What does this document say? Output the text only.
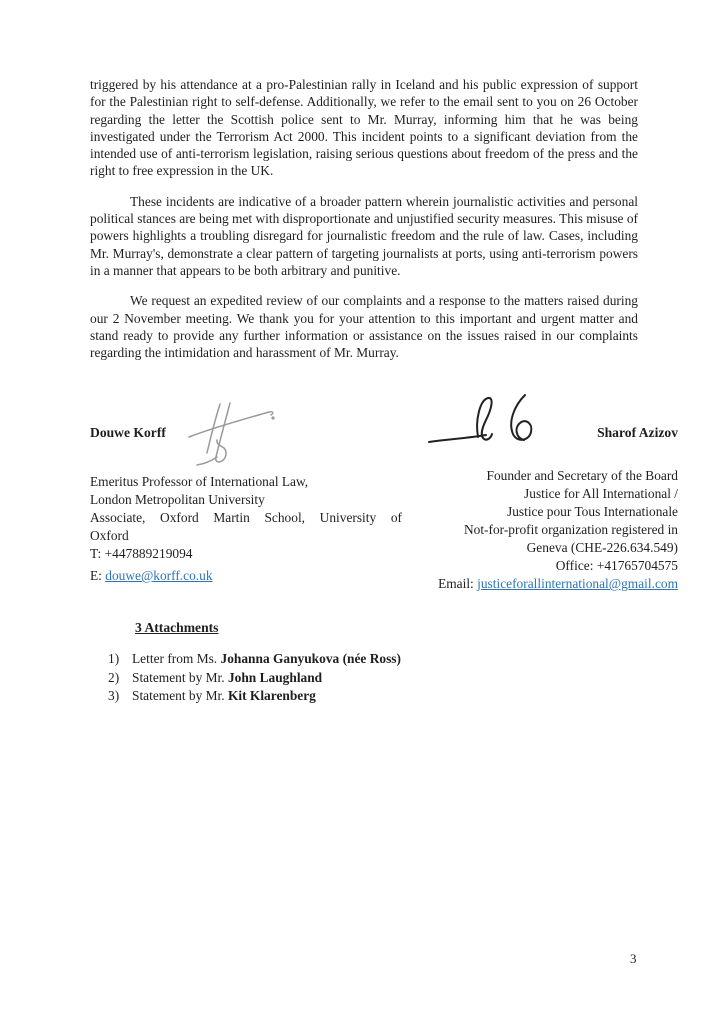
triggered by his attendance at a pro-Palestinian rally in Iceland and his public expression of support for the Palestinian right to self-defense. Additionally, we refer to the email sent to you on 26 October regarding the letter the Scottish police sent to Mr. Murray, informing him that he was being investigated under the Terrorism Act 2000. This incident points to a significant deviation from the intended use of anti-terrorism legislation, raising serious questions about freedom of the press and the right to free expression in the UK.

These incidents are indicative of a broader pattern wherein journalistic activities and personal political stances are being met with disproportionate and unjustified security measures. This misuse of powers highlights a troubling disregard for journalistic freedom and the rule of law. Cases, including Mr. Murray's, demonstrate a clear pattern of targeting journalists at ports, using anti-terrorism powers in a manner that appears to be both arbitrary and punitive.

We request an expedited review of our complaints and a response to the matters raised during our 2 November meeting. We thank you for your attention to this important and urgent matter and stand ready to provide any further information or assistance on the issues raised in our complaints regarding the intimidation and harassment of Mr. Murray.

Douwe Korff	Sharof Azizov
Emeritus Professor of International Law,
London Metropolitan University
Associate, Oxford Martin School, University of
Oxford
T: +447889219094
E: douwe@korff.co.uk
Founder and Secretary of the Board
Justice for All International /
Justice pour Tous Internationale
Not-for-profit organization registered in
Geneva (CHE-226.634.549)
Office: +41765704575
Email: justiceforallinternational@gmail.com
3 Attachments
1) Letter from Ms. Johanna Ganyukova (née Ross)
2) Statement by Mr. John Laughland
3) Statement by Mr. Kit Klarenberg
3
